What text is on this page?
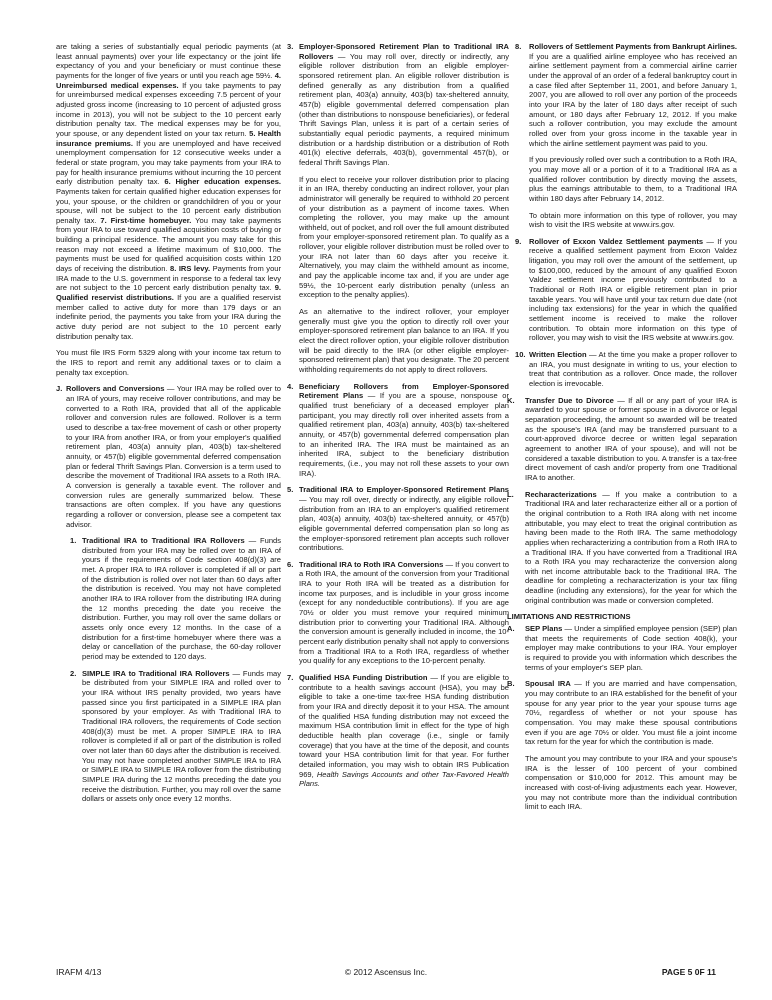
are taking a series of substantially equal periodic payments (at least annual payments) over your life expectancy or the joint life expectancy of you and your beneficiary or must continue these payments for the longer of five years or until you reach age 59½. 4. Unreimbursed medical expenses. If you take payments to pay for unreimbursed medical expenses exceeding 7.5 percent of your adjusted gross income (increasing to 10 percent of adjusted gross income in 2013), you will not be subject to the 10 percent early distribution penalty tax. The medical expenses may be for you, your spouse, or any dependent listed on your tax return. 5. Health insurance premiums. If you are unemployed and have received unemployment compensation for 12 consecutive weeks under a federal or state program, you may take payments from your IRA to pay for health insurance premiums without incurring the 10 percent early distribution penalty tax. 6. Higher education expenses. Payments taken for certain qualified higher education expenses for you, your spouse, or the children or grandchildren of you or your spouse, will not be subject to the 10 percent early distribution penalty tax. 7. First-time homebuyer. You may take payments from your IRA to use toward qualified acquisition costs of buying or building a principal residence. The amount you may take for this reason may not exceed a lifetime maximum of $10,000. The payments must be used for qualified acquisition costs within 120 days of receiving the distribution. 8. IRS levy. Payments from your IRA made to the U.S. government in response to a federal tax levy are not subject to the 10 percent early distribution penalty tax. 9. Qualified reservist distributions. If you are a qualified reservist member called to active duty for more than 179 days or an indefinite period, the payments you take from your IRA during the active duty period are not subject to the 10 percent early distribution penalty tax.

You must file IRS Form 5329 along with your income tax return to the IRS to report and remit any additional taxes or to claim a penalty tax exception.

J. Rollovers and Conversions — Your IRA may be rolled over to an IRA of yours, may receive rollover contributions, and may be converted to a Roth IRA, provided that all of the applicable rollover and conversion rules are followed. Rollover is a term used to describe a tax-free movement of cash or other property to your IRA from another IRA, or from your employer's qualified retirement plan, 403(a) annuity plan, 403(b) tax-sheltered annuity, or 457(b) eligible governmental deferred compensation plan or federal Thrift Savings Plan. Conversion is a term used to describe the movement of Traditional IRA assets to a Roth IRA. A conversion is generally a taxable event. The rollover and conversion rules are generally summarized below. These transactions are often complex. If you have any questions regarding a rollover or conversion, please see a competent tax advisor.

1. Traditional IRA to Traditional IRA Rollovers — Funds distributed from your IRA may be rolled over to an IRA of yours if the requirements of Code section 408(d)(3) are met. A proper IRA to IRA rollover is completed if all or part of the distribution is rolled over not later than 60 days after the distribution is received. You may not have completed another IRA to IRA rollover from the distributing IRA during the 12 months preceding the date you receive the distribution. Further, you may roll over the same dollars or assets only once every 12 months. In the case of a distribution for a first-time homebuyer where there was a delay or cancellation of the purchase, the 60-day rollover period may be extended to 120 days.
2. SIMPLE IRA to Traditional IRA Rollovers — Funds may be distributed from your SIMPLE IRA and rolled over to your IRA without IRS penalty provided, two years have passed since you first participated in a SIMPLE IRA plan sponsored by your employer. As with Traditional IRA to Traditional IRA rollovers, the requirements of Code section 408(d)(3) must be met. A proper SIMPLE IRA to IRA rollover is completed if all or part of the distribution is rolled over not later than 60 days after the distribution is received. You may not have completed another SIMPLE IRA to IRA or SIMPLE IRA to SIMPLE IRA rollover from the distributing SIMPLE IRA during the 12 months preceding the date you receive the distribution. Further, you may roll over the same dollars or assets only once every 12 months.
3. Employer-Sponsored Retirement Plan to Traditional IRA Rollovers — You may roll over, directly or indirectly, any eligible rollover distribution from an eligible employer-sponsored retirement plan. An eligible rollover distribution is defined generally as any distribution from a qualified retirement plan, 403(a) annuity, 403(b) tax-sheltered annuity, 457(b) eligible governmental deferred compensation plan (other than distributions to nonspouse beneficiaries), or federal Thrift Savings Plan, unless it is part of a certain series of substantially equal periodic payments, a required minimum distribution or a hardship distribution or a distribution of Roth 401(k) elective deferrals, 403(b), governmental 457(b), or federal Thrift Savings Plan.

If you elect to receive your rollover distribution prior to placing it in an IRA, thereby conducting an indirect rollover, your plan administrator will generally be required to withhold 20 percent of your distribution as a payment of income taxes. When completing the rollover, you may make up the amount withheld, out of pocket, and roll over the full amount distributed from your employer-sponsored retirement plan. To qualify as a rollover, your eligible rollover distribution must be rolled over to your IRA not later than 60 days after you receive it. Alternatively, you may claim the withheld amount as income, and pay the applicable income tax and, if you are under age 59½, the 10-percent early distribution penalty (unless an exception to the penalty applies).

As an alternative to the indirect rollover, your employer generally must give you the option to directly roll over your employer-sponsored retirement plan balance to an IRA. If you elect the direct rollover option, your eligible rollover distribution will be paid directly to the IRA (or other eligible employer-sponsored retirement plan) that you designate. The 20 percent withholding requirements do not apply to direct rollovers.

4. Beneficiary Rollovers from Employer-Sponsored Retirement Plans — If you are a spouse, nonspouse or qualified trust beneficiary of a deceased employer plan participant, you may directly roll over inherited assets from a qualified retirement plan, 403(a) annuity, 403(b) tax-sheltered annuity, or 457(b) governmental deferred compensation plan to an inherited IRA. The IRA must be maintained as an inherited IRA, subject to the beneficiary distribution requirements, (i.e., you may not roll these assets to your own IRA).
5. Traditional IRA to Employer-Sponsored Retirement Plans — You may roll over, directly or indirectly, any eligible rollover distribution from an IRA to an employer's qualified retirement plan, 403(a) annuity, 403(b) tax-sheltered annuity, or 457(b) eligible governmental deferred compensation plan so long as the employer-sponsored retirement plan accepts such rollover contributions.
6. Traditional IRA to Roth IRA Conversions — If you convert to a Roth IRA, the amount of the conversion from your Traditional IRA to your Roth IRA will be treated as a distribution for income tax purposes, and is includible in your gross income (except for any nondeductible contributions). If you are age 70½ or older you must remove your required minimum distribution prior to converting your Traditional IRA. Although the conversion amount is generally included in income, the 10-percent early distribution penalty shall not apply to conversions from a Traditional IRA to a Roth IRA, regardless of whether you qualify for any exceptions to the 10-percent penalty.
7. Qualified HSA Funding Distribution — If you are eligible to contribute to a health savings account (HSA), you may be eligible to take a one-time tax-free HSA funding distribution from your IRA and directly deposit it to your HSA. The amount of the qualified HSA funding distribution may not exceed the maximum HSA contribution limit in effect for the type of high deductible health plan coverage (i.e., single or family coverage) that you have at the time of the deposit, and counts toward your HSA contribution limit for that year. For further detailed information, you may wish to obtain IRS Publication 969, Health Savings Accounts and other Tax-Favored Health Plans.
8.	Rollovers of Settlement Payments from Bankrupt Airlines. If you are a qualified airline employee who has received an airline settlement payment from a commercial airline carrier under the approval of an order of a federal bankruptcy court in a case filed after September 11, 2001, and before January 1, 2007, you are allowed to roll over any portion of the proceeds into your IRA by the later of 180 days after receipt of such amount, or 180 days after February 12, 2012. If you make such a rollover contribution, you may exclude the amount rolled over from your gross income in the taxable year in which the airline settlement payment was paid to you.

If you previously rolled over such a contribution to a Roth IRA, you may move all or a portion of it to a Traditional IRA as a qualified rollover contribution by directly moving the assets, plus the earnings attributable to them, to a Traditional IRA within 180 days after February 14, 2012.

To obtain more information on this type of rollover, you may wish to visit the IRS website at www.irs.gov.

9.	Rollover of Exxon Valdez Settlement payments — If you receive a qualified settlement payment from Exxon Valdez litigation, you may roll over the amount of the settlement, up to $100,000, reduced by the amount of any qualified Exxon Valdez settlement income previously contributed to a Traditional or Roth IRA or eligible retirement plan in prior taxable years. You will have until your tax return due date (not including tax extensions) for the year in which the qualified settlement income is received to make the rollover contribution. To obtain more information on this type of rollover, you may wish to visit the IRS website at www.irs.gov.
10. Written Election — At the time you make a proper rollover to an IRA, you must designate in writing to us, your election to treat that contribution as a rollover. Once made, the rollover election is irrevocable.
K.	Transfer Due to Divorce — If all or any part of your IRA is awarded to your spouse or former spouse in a divorce or legal separation proceeding, the amount so awarded will be treated as the spouse's IRA (and may be transferred pursuant to a court-approved divorce decree or written legal separation agreement to another IRA of your spouse), and will not be considered a taxable distribution to you. A transfer is a tax-free direct movement of cash and/or property from one Traditional IRA to another.
L.	Recharacterizations — If you make a contribution to a Traditional IRA and later recharacterize either all or a portion of the original contribution to a Roth IRA along with net income attributable, you may elect to treat the original contribution as having been made to the Roth IRA. The same methodology applies when recharacterizing a contribution from a Roth IRA to a Traditional IRA. If you have converted from a Traditional IRA to a Roth IRA you may recharacterize the conversion along with net income attributable back to the Traditional IRA. The deadline for completing a recharacterization is your tax filing deadline (including any extensions), for the year for which the original contribution was made or conversion completed.
LIMITATIONS AND RESTRICTIONS
A.	SEP Plans — Under a simplified employee pension (SEP) plan that meets the requirements of Code section 408(k), your employer may make contributions to your IRA. Your employer is required to provide you with information which describes the terms of your employer's SEP plan.
B.	Spousal IRA — If you are married and have compensation, you may contribute to an IRA established for the benefit of your spouse for any year prior to the year your spouse turns age 70½, regardless of whether or not your spouse has compensation. You may make these spousal contributions even if you are age 70½ or older. You must file a joint income tax return for the year for which the contribution is made.

The amount you may contribute to your IRA and your spouse's IRA is the lesser of 100 percent of your combined compensation or $10,000 for 2012. This amount may be increased with cost-of-living adjustments each year. However, you may not contribute more than the individual contribution limit to each IRA.

IRAFM 4/13	© 2012 Ascensus Inc.	PAGE 5 0F 11
